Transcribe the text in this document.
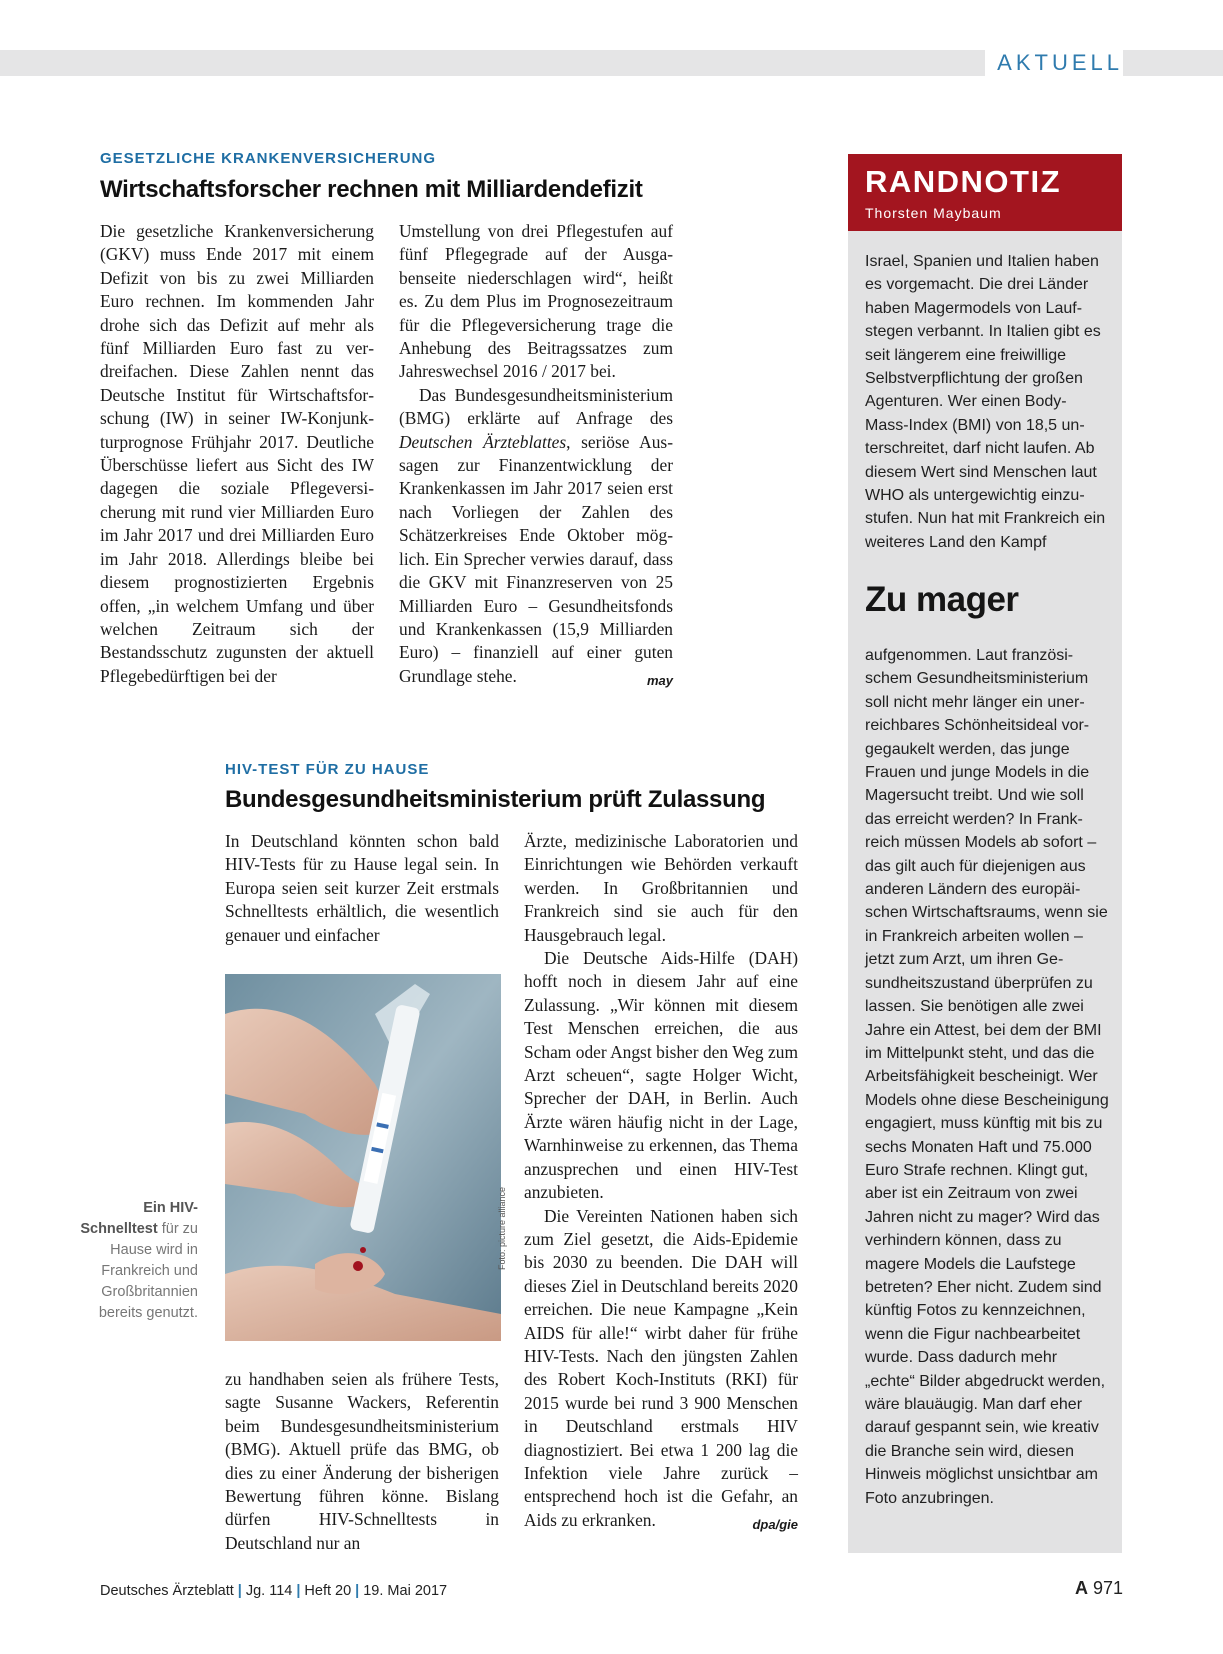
AKTUELL
GESETZLICHE KRANKENVERSICHERUNG
Wirtschaftsforscher rechnen mit Milliardendefizit

Die gesetzliche Krankenversicherung (GKV) muss Ende 2017 mit einem Defizit von bis zu zwei Milliarden Euro rechnen. Im kommenden Jahr drohe sich das Defizit auf mehr als fünf Milliarden Euro fast zu verdreifachen. Diese Zahlen nennt das Deutsche Institut für Wirtschaftsforschung (IW) in seiner IW-Konjunkturprognose Frühjahr 2017. Deutliche Überschüsse liefert aus Sicht des IW dagegen die soziale Pflegeversicherung mit rund vier Milliarden Euro im Jahr 2017 und drei Milliarden Euro im Jahr 2018. Allerdings bleibe bei diesem prognostizierten Ergebnis offen, „in welchem Umfang und über welchen Zeitraum sich der Bestandsschutz zugunsten der aktuell Pflegebedürftigen bei der

Umstellung von drei Pflegestufen auf fünf Pflegegrade auf der Ausgabenseite niederschlagen wird“, heißt es. Zu dem Plus im Prognosezeitraum für die Pflegeversicherung trage die Anhebung des Beitragssatzes zum Jahreswechsel 2016 / 2017 bei.

Das Bundesgesundheitsministerium (BMG) erklärte auf Anfrage des Deutschen Ärzteblattes, seriöse Aussagen zur Finanzentwicklung der Krankenkassen im Jahr 2017 seien erst nach Vorliegen der Zahlen des Schätzerkreises Ende Oktober möglich. Ein Sprecher verwies darauf, dass die GKV mit Finanzreserven von 25 Milliarden Euro – Gesundheitsfonds und Krankenkassen (15,9 Milliarden Euro) – finanziell auf einer guten Grundlage stehe.	may

HIV-TEST FÜR ZU HAUSE
Bundesgesundheitsministerium prüft Zulassung

In Deutschland könnten schon bald HIV-Tests für zu Hause legal sein. In Europa seien seit kurzer Zeit erstmals Schnelltests erhältlich, die wesentlich genauer und einfacher

Foto: picture alliance
Ein HIV-Schnelltest für zu Hause wird in Frankreich und Großbritannien bereits genutzt.

zu handhaben seien als frühere Tests, sagte Susanne Wackers, Referentin beim Bundesgesundheitsministerium (BMG). Aktuell prüfe das BMG, ob dies zu einer Änderung der bisherigen Bewertung führen könne. Bislang dürfen HIV-Schnelltests in Deutschland nur an

Ärzte, medizinische Laboratorien und Einrichtungen wie Behörden verkauft werden. In Großbritannien und Frankreich sind sie auch für den Hausgebrauch legal.

Die Deutsche Aids-Hilfe (DAH) hofft noch in diesem Jahr auf eine Zulassung. „Wir können mit diesem Test Menschen erreichen, die aus Scham oder Angst bisher den Weg zum Arzt scheuen“, sagte Holger Wicht, Sprecher der DAH, in Berlin. Auch Ärzte wären häufig nicht in der Lage, Warnhinweise zu erkennen, das Thema anzusprechen und einen HIV-Test anzubieten.

Die Vereinten Nationen haben sich zum Ziel gesetzt, die Aids-Epidemie bis 2030 zu beenden. Die DAH will dieses Ziel in Deutschland bereits 2020 erreichen. Die neue Kampagne „Kein AIDS für alle!“ wirbt daher für frühe HIV-Tests. Nach den jüngsten Zahlen des Robert Koch-Instituts (RKI) für 2015 wurde bei rund 3 900 Menschen in Deutschland erstmals HIV diagnostiziert. Bei etwa 1 200 lag die Infektion viele Jahre zurück – entsprechend hoch ist die Gefahr, an Aids zu erkranken.	dpa/gie

RANDNOTIZ
Thorsten Maybaum
Israel, Spanien und Italien haben es vorgemacht. Die drei Länder haben Magermodels von Laufstegen verbannt. In Italien gibt es seit längerem eine freiwillige Selbstverpflichtung der großen Agenturen. Wer einen Body-Mass-Index (BMI) von 18,5 unterschreitet, darf nicht laufen. Ab diesem Wert sind Menschen laut WHO als untergewichtig einzustufen. Nun hat mit Frankreich ein weiteres Land den Kampf
Zu mager
aufgenommen. Laut französischem Gesundheitsministerium soll nicht mehr länger ein unerreichbares Schönheitsideal vorgegaukelt werden, das junge Frauen und junge Models in die Magersucht treibt. Und wie soll das erreicht werden? In Frankreich müssen Models ab sofort – das gilt auch für diejenigen aus anderen Ländern des europäischen Wirtschaftsraums, wenn sie in Frankreich arbeiten wollen – jetzt zum Arzt, um ihren Gesundheitszustand überprüfen zu lassen. Sie benötigen alle zwei Jahre ein Attest, bei dem der BMI im Mittelpunkt steht, und das die Arbeitsfähigkeit bescheinigt. Wer Models ohne diese Bescheinigung engagiert, muss künftig mit bis zu sechs Monaten Haft und 75.000 Euro Strafe rechnen. Klingt gut, aber ist ein Zeitraum von zwei Jahren nicht zu mager? Wird das verhindern können, dass zu magere Models die Laufstege betreten? Eher nicht. Zudem sind künftig Fotos zu kennzeichnen, wenn die Figur nachbearbeitet wurde. Dass dadurch mehr „echte“ Bilder abgedruckt werden, wäre blauäugig. Man darf eher darauf gespannt sein, wie kreativ die Branche sein wird, diesen Hinweis möglichst unsichtbar am Foto anzubringen.
Deutsches Ärzteblatt | Jg. 114 | Heft 20 | 19. Mai 2017	A 971
